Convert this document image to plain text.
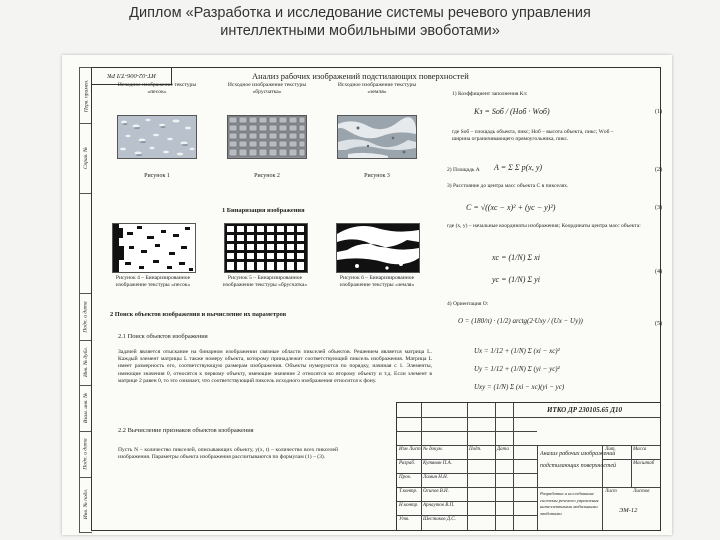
Диплом «Разработка и исследование системы речевого управления
интеллектными мобильными эвоботами»
Перв. примен.
Справ. №
Подп. и дата
Инв. № дубл.
Взам. инв. №
Подп. и дата
Инв. № подл.
ИТ-02-006-ТЛ РК	Анализ рабочих изображений подстилающих поверхностей
Исходное изображение текстуры «песок»
Исходное изображение текстуры «брусчатка»
Исходное изображение текстуры «земля»
Рисунок 1	Рисунок 2	Рисунок 3
1 Бинаризация изображения
Рисунок 4 – Бинаризированное изображение текстуры «песок»
Рисунок 5 – Бинаризированное изображение текстуры «брусчатка»
Рисунок 6 – Бинаризированное изображение текстуры «земля»
2 Поиск объектов изображения и вычисление их параметров
2.1 Поиск объектов изображения
Задачей является отыскание на бинарном изображении связные области пикселей объектов. Решением является матрица L. Каждый элемент матрицы L также номеру объекта, которому принадлежит соответствующий пиксель изображения. Матрица L имеет размерность его, соответствующую размерам изображения. Объекты нумеруются по порядку, начиная с 1. Элементы, имеющие значения 0, относятся к первому объекту, имеющие значение 2 относятся ко второму объекту и т.д. Если элемент в матрице 2 равен 0, то это означает, что соответствующий пиксель исходного изображения относится к фону.
2.2 Вычисление признаков объектов изображения
Пусть N – количество пикселей, описывающих объекту, y(x, t) – количество всех пикселей изображения. Параметры объекта изображения рассчитываются по формулам (1) – (3).
1) Коэффициент заполнения Kз:
Kз = Sоб / (Hоб · Wоб)	(1)
где Sоб – площадь объекта, пикс; Hоб – высота объекта, пикс; Wоб – ширина ограничивающего прямоугольника, пикс.
2) Площадь A A = Σ Σ p(x, y)	(2)
3) Расстояние до центра масс объекта C в пикселях.
C = √((xс − x)² + (yс − y)²)	(3)
где (x, y) – начальные координаты изображения; Координаты центра масс объекта:
xс = (1/N) Σ xi
yс = (1/N) Σ yi
(4)
4) Ориентация O:
O = (180/π) · (1/2) arctg(2·Uxy / (Ux − Uy))	(5)
Ux = 1/12 + (1/N) Σ (xi − xс)²
Uy = 1/12 + (1/N) Σ (yi − yс)²
Uxy = (1/N) Σ (xi − xс)(yi − yс)
ИТКО ДР 230105.65 Д10
Изм Лист № докум.	Подп.	Дата
Разраб. Кутявин П.А.
Пров. Ламин Н.Н.
Т.контр. Осипов В.Н.
Н.контр. Арнаутов В.П.
Утв.	Шестаков Д.С.
Анализ рабочих изображений
подстилающих поверхностей
Лит.	Масса
Масштаб
Лист	Листов
Разработка и исследование системы речевого управления интеллектными мобильными эвоботами	ЭМ-12
